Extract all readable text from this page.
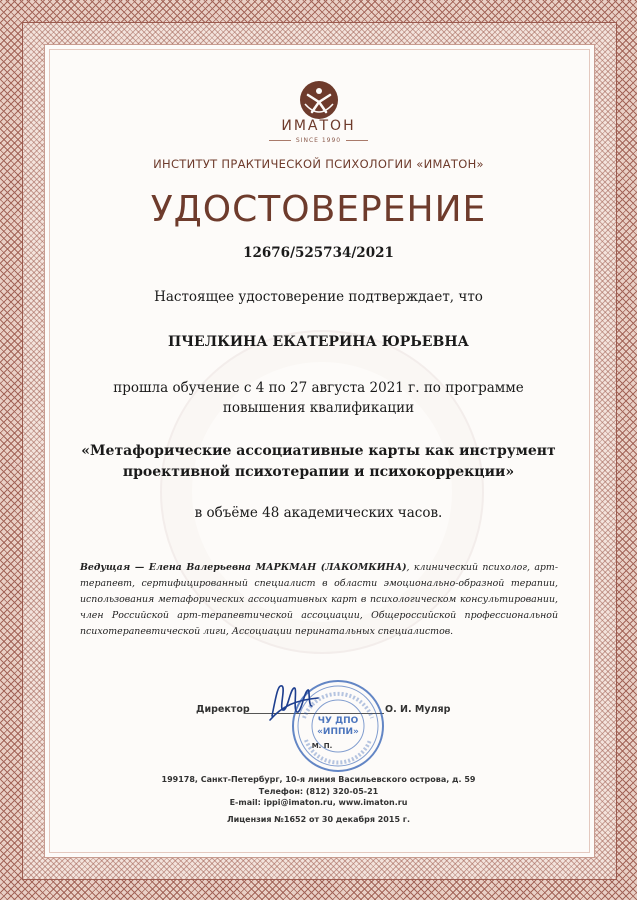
ИМАТОН
SINCE 1990
ИНСТИТУТ ПРАКТИЧЕСКОЙ ПСИХОЛОГИИ «ИМАТОН»
УДОСТОВЕРЕНИЕ
12676/525734/2021
Настоящее удостоверение подтверждает, что
ПЧЕЛКИНА ЕКАТЕРИНА ЮРЬЕВНА
прошла обучение с 4 по 27 августа 2021 г. по программе
повышения квалификации
«Метафорические ассоциативные карты как инструмент
проективной психотерапии и психокоррекции»
в объёме 48 академических часов.
Ведущая — Елена Валерьевна МАРКМАН (ЛАКОМКИНА), клинический психолог, арт-терапевт, сертифицированный специалист в области эмоционально-образной терапии, использования метафорических ассоциативных карт в психологическом консультировании, член Российской арт-терапевтической ассоциации, Общероссийской профессиональной психотерапевтической лиги, Ассоциации перинатальных специалистов.
Директор	О. И. Муляр
ЧУ ДПО
«ИППИ»
М. П.
199178, Санкт-Петербург, 10-я линия Васильевского острова, д. 59
Телефон: (812) 320-05-21
E-mail: ippi@imaton.ru, www.imaton.ru
Лицензия №1652 от 30 декабря 2015 г.
